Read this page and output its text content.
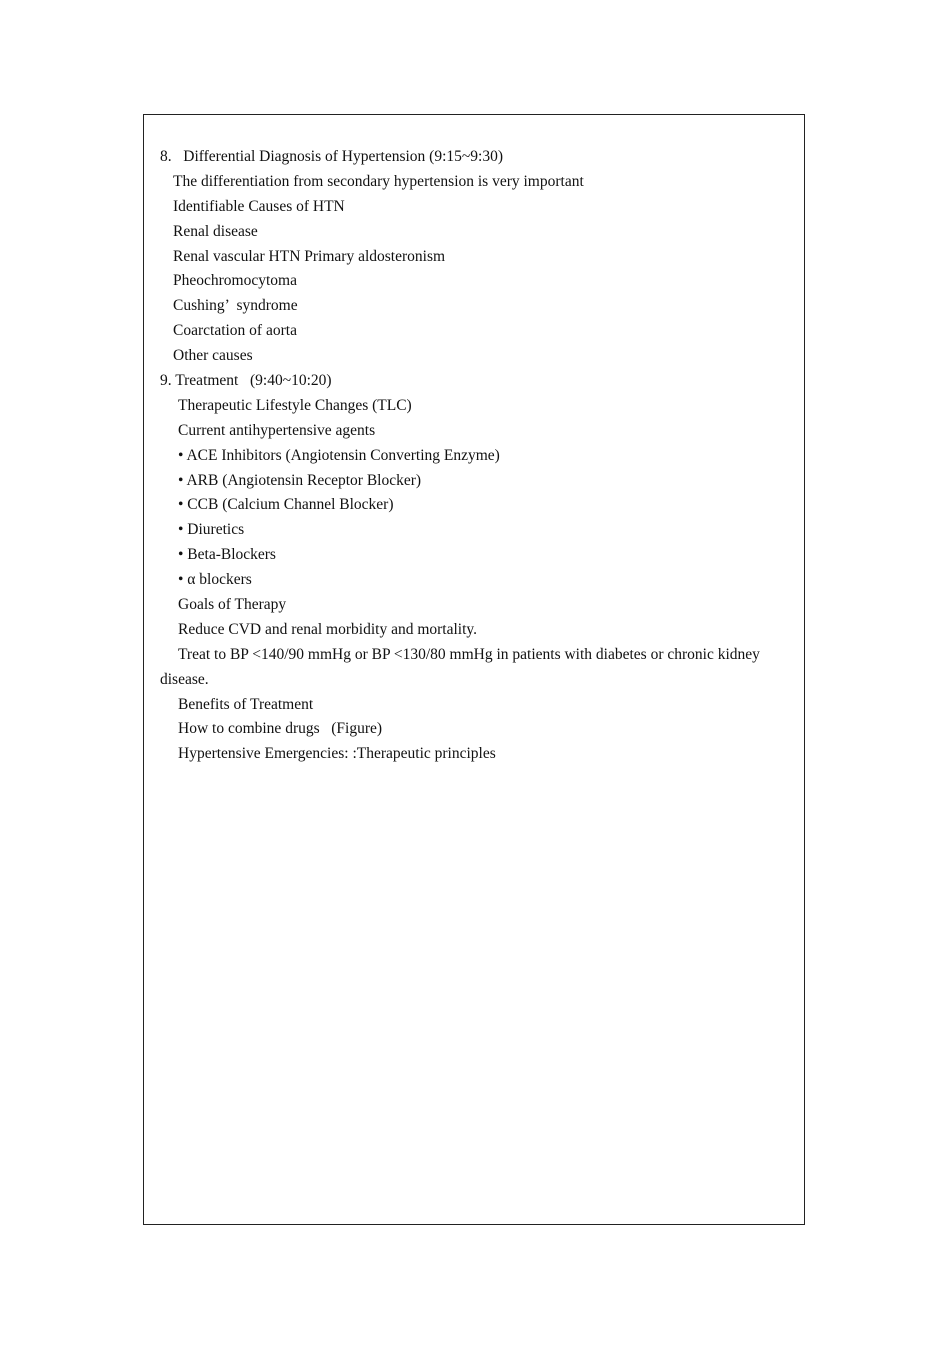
8.   Differential Diagnosis of Hypertension (9:15~9:30)
The differentiation from secondary hypertension is very important
Identifiable Causes of HTN
Renal disease
Renal vascular HTN Primary aldosteronism
Pheochromocytoma
Cushing’  syndrome
Coarctation of aorta
Other causes
9. Treatment   (9:40~10:20)
Therapeutic Lifestyle Changes (TLC)
Current antihypertensive agents
• ACE Inhibitors (Angiotensin Converting Enzyme)
• ARB (Angiotensin Receptor Blocker)
• CCB (Calcium Channel Blocker)
• Diuretics
• Beta-Blockers
• α blockers
Goals of Therapy
Reduce CVD and renal morbidity and mortality.
Treat to BP <140/90 mmHg or BP <130/80 mmHg in patients with diabetes or chronic kidney
disease.
Benefits of Treatment
How to combine drugs   (Figure)
Hypertensive Emergencies: :Therapeutic principles
